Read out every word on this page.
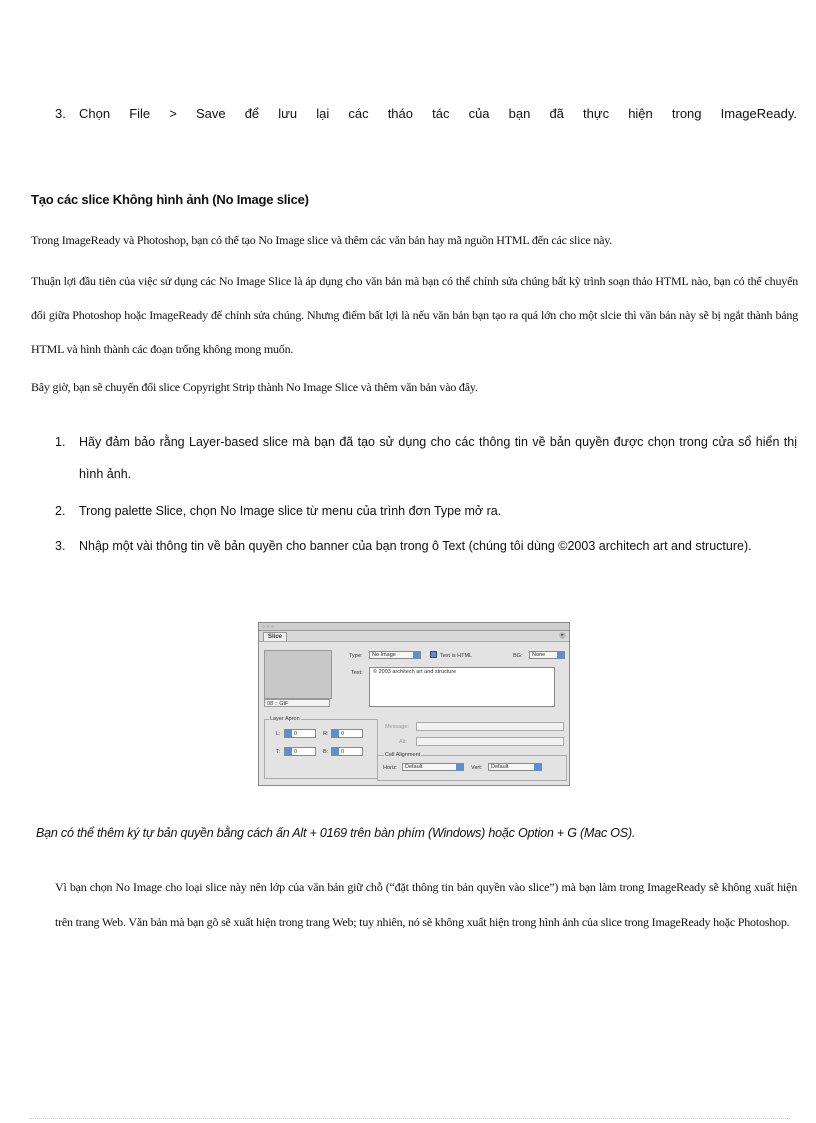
3.	Chọn File > Save để lưu lại các tháo tác của bạn đã thực hiện trong ImageReady.
Tạo các slice Không hình ảnh (No Image slice)
Trong ImageReady và Photoshop, bạn có thể tạo No Image slice và thêm các văn bản hay mã nguồn HTML đến các slice này.
Thuận lợi đầu tiên của việc sử dụng các No Image Slice là áp dụng cho văn bản mà bạn có thể chỉnh sửa chúng bất kỳ trình soạn thảo HTML nào, bạn có thể chuyển đổi giữa Photoshop hoặc ImageReady để chỉnh sửa chúng. Nhưng điểm bất lợi là nếu văn bản bạn tạo ra quá lớn cho một slcie thì văn bản này sẽ bị ngắt thành bảng HTML và hình thành các đoạn trống không mong muốn.
Bây giờ, bạn sẽ chuyển đổi slice Copyright Strip thành No Image Slice và thêm văn bản vào đây.
1.	Hãy đảm bảo rằng Layer-based slice mà bạn đã tạo sử dụng cho các thông tin về bản quyền được chọn trong cửa sổ hiển thị hình ảnh.
2.	Trong palette Slice, chọn No Image slice từ menu của trình đơn Type mở ra.
3.	Nhập một vài thông tin về bản quyền cho banner của bạn trong ô Text (chúng tôi dùng ©2003 architech art and structure).
○ ○ ○
Slice	▸
08 :: GIF
Type:	No Image	Text is HTML	BG:	None
Text:	© 2003 architech art and structure
Layer Apron
L:	0	R:	0
T:	0	B:	0
Message:
Alt:
Cell Alignment
Horiz:	Default	Vert:	Default
Bạn có thể thêm ký tự bản quyền bằng cách ấn Alt + 0169 trên bàn phím (Windows) hoặc Option + G (Mac OS).
Vì bạn chọn No Image cho loại slice này nên lớp của văn bản giữ chỗ (“đặt thông tin bản quyền vào slice”) mà bạn làm trong ImageReady sẽ không xuất hiện trên trang Web. Văn bản mà bạn gõ sẽ xuất hiện trong trang Web; tuy nhiên, nó sẽ không xuất hiện trong hình ảnh của slice trong ImageReady hoặc Photoshop.
